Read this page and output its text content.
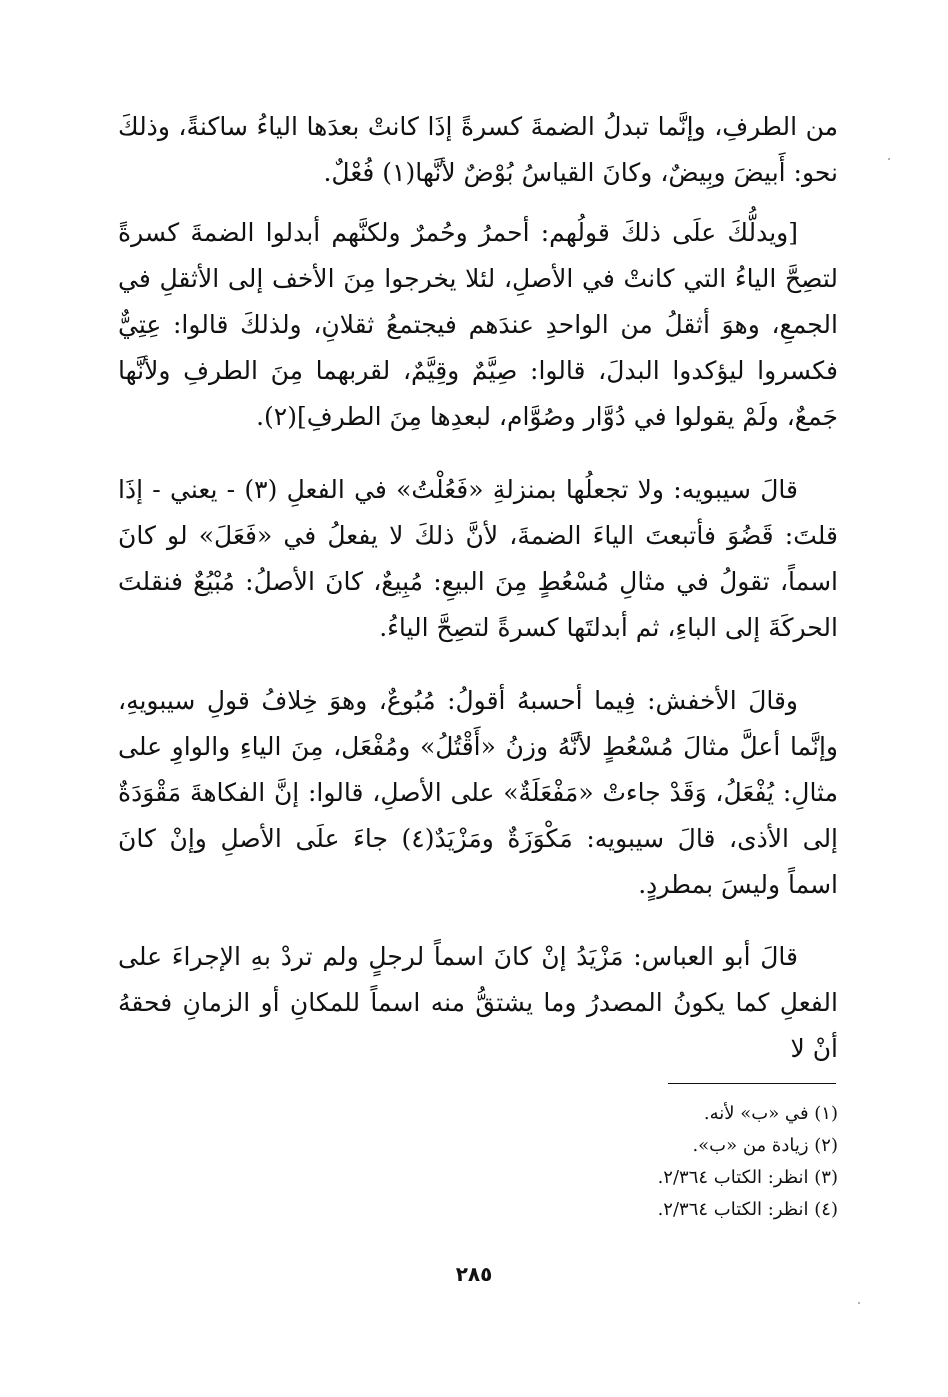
من الطرفِ، وإنَّما تبدلُ الضمةَ كسرةً إذَا كانتْ بعدَها الياءُ ساكنةً، وذلكَ نحو: أَبيضَ وبِيضٌ، وكانَ القياسُ بُوْضٌ لأنَّها(١) فُعْلٌ.

[ويدلُّكَ علَى ذلكَ قولُهم: أحمرُ وحُمرٌ ولكنَّهم أبدلوا الضمةَ كسرةً لتصِحَّ الياءُ التي كانتْ في الأصلِ، لئلا يخرجوا مِنَ الأخف إلى الأثقلِ في الجمعِ، وهوَ أثقلُ من الواحدِ عندَهم فيجتمعُ ثقلانِ، ولذلكَ قالوا: عِتِيٌّ فكسروا ليؤكدوا البدلَ، قالوا: صِيَّمٌ وقِيَّمٌ، لقربهما مِنَ الطرفِ ولأنَّها جَمعٌ، ولَمْ يقولوا في دُوَّار وصُوَّام، لبعدِها مِنَ الطرفِ](٢).

قالَ سيبويه: ولا تجعلُها بمنزلةِ «فَعُلْتُ» في الفعلِ (٣) - يعني - إذَا قلتَ: قَضُوَ فأتبعتَ الياءَ الضمةَ، لأنَّ ذلكَ لا يفعلُ في «فَعَلَ» لو كانَ اسماً، تقولُ في مثالِ مُسْعُطٍ مِنَ البيعِ: مُبِيعٌ، كانَ الأصلُ: مُبْيُعٌ فنقلتَ الحركَةَ إلى الباءِ، ثم أبدلتَها كسرةً لتصِحَّ الياءُ.

وقالَ الأخفش: فِيما أحسبهُ أقولُ: مُبُوعٌ، وهوَ خِلافُ قولِ سيبويهِ، وإنَّما أعلَّ مثالَ مُسْعُطٍ لأنَّهُ وزنُ «أَقْتُلُ» ومُفْعَل، مِنَ الياءِ والواوِ على مثالِ: يُفْعَلُ، وَقَدْ جاءتْ «مَفْعَلَةٌ» على الأصلِ، قالوا: إنَّ الفكاهةَ مَقْوَدَةٌ إلى الأذى، قالَ سيبويه: مَكْوَزَةٌ ومَزْيَدٌ(٤) جاءَ علَى الأصلِ وإنْ كانَ اسماً وليسَ بمطردٍ.

قالَ أبو العباس: مَزْيَدُ إنْ كانَ اسماً لرجلٍ ولم تردْ بهِ الإجراءَ على الفعلِ كما يكونُ المصدرُ وما يشتقُّ منه اسماً للمكانِ أو الزمانِ فحقهُ أنْ لا

(١) في «ب» لأنه.
(٢) زيادة من «ب».
(٣) انظر: الكتاب ٢/٣٦٤.
(٤) انظر: الكتاب ٢/٣٦٤.
٢٨٥
